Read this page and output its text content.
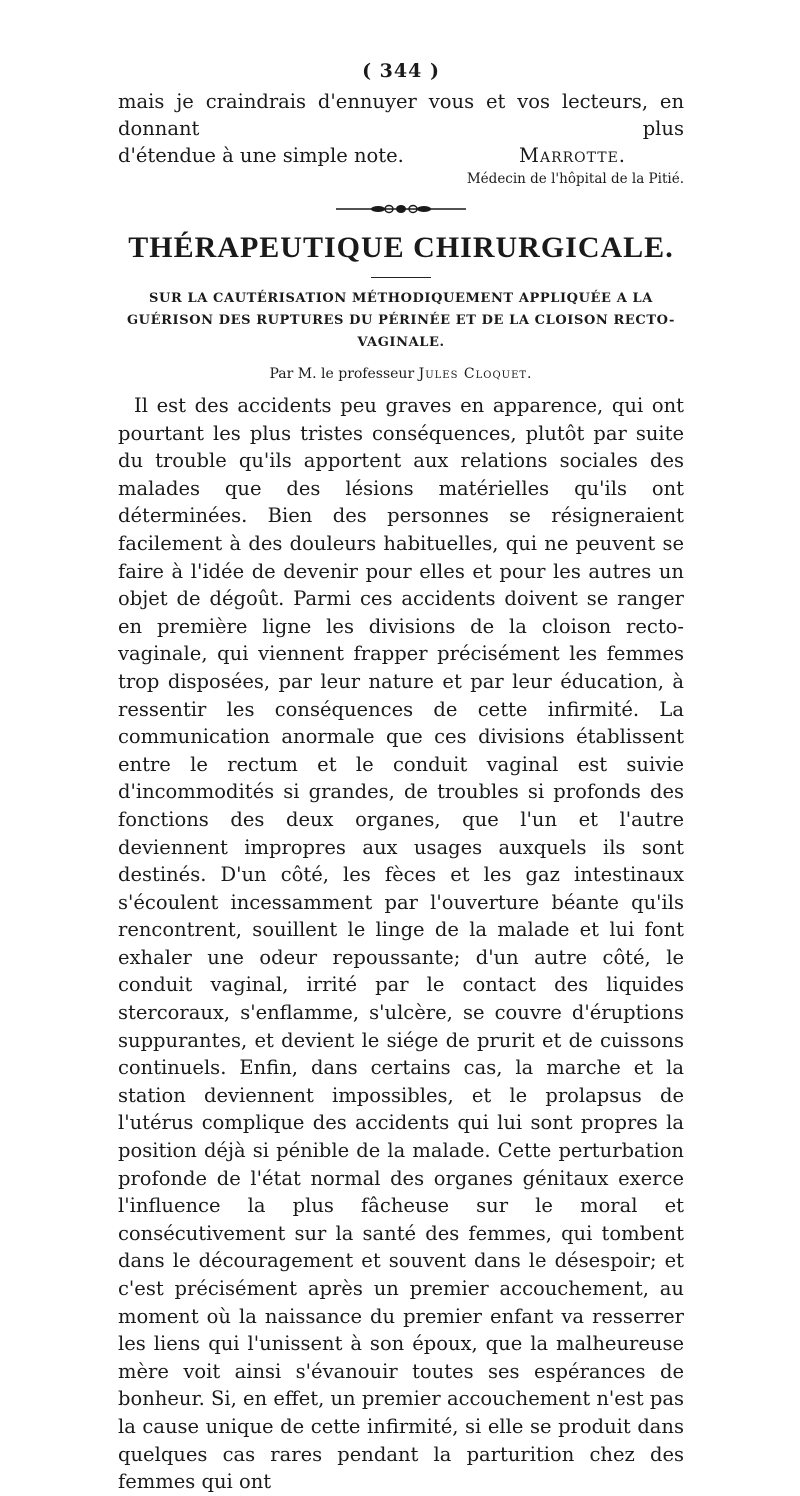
( 344 )
mais je craindrais d'ennuyer vous et vos lecteurs, en donnant plus
d'étendue à une simple note.	Marrotte.
Médecin de l'hôpital de la Pitié.
THÉRAPEUTIQUE CHIRURGICALE.
SUR LA CAUTÉRISATION MÉTHODIQUEMENT APPLIQUÉE A LA GUÉRISON DES RUPTURES DU PÉRINÉE ET DE LA CLOISON RECTO-VAGINALE.
Par M. le professeur Jules Cloquet.

Il est des accidents peu graves en apparence, qui ont pourtant les plus tristes conséquences, plutôt par suite du trouble qu'ils apportent aux relations sociales des malades que des lésions matérielles qu'ils ont déterminées. Bien des personnes se résigneraient facilement à des douleurs habituelles, qui ne peuvent se faire à l'idée de devenir pour elles et pour les autres un objet de dégoût. Parmi ces accidents doivent se ranger en première ligne les divisions de la cloison recto-vaginale, qui viennent frapper précisément les femmes trop disposées, par leur nature et par leur éducation, à ressentir les conséquences de cette infirmité. La communication anormale que ces divisions établissent entre le rectum et le conduit vaginal est suivie d'incommodités si grandes, de troubles si profonds des fonctions des deux organes, que l'un et l'autre deviennent impropres aux usages auxquels ils sont destinés. D'un côté, les fèces et les gaz intestinaux s'écoulent incessamment par l'ouverture béante qu'ils rencontrent, souillent le linge de la malade et lui font exhaler une odeur repoussante; d'un autre côté, le conduit vaginal, irrité par le contact des liquides stercoraux, s'enflamme, s'ulcère, se couvre d'éruptions suppurantes, et devient le siége de prurit et de cuissons continuels. Enfin, dans certains cas, la marche et la station deviennent impossibles, et le prolapsus de l'utérus complique des accidents qui lui sont propres la position déjà si pénible de la malade. Cette perturbation profonde de l'état normal des organes génitaux exerce l'influence la plus fâcheuse sur le moral et consécutivement sur la santé des femmes, qui tombent dans le découragement et souvent dans le désespoir; et c'est précisément après un premier accouchement, au moment où la naissance du premier enfant va resserrer les liens qui l'unissent à son époux, que la malheureuse mère voit ainsi s'évanouir toutes ses espérances de bonheur. Si, en effet, un premier accouchement n'est pas la cause unique de cette infirmité, si elle se produit dans quelques cas rares pendant la parturition chez des femmes qui ont
